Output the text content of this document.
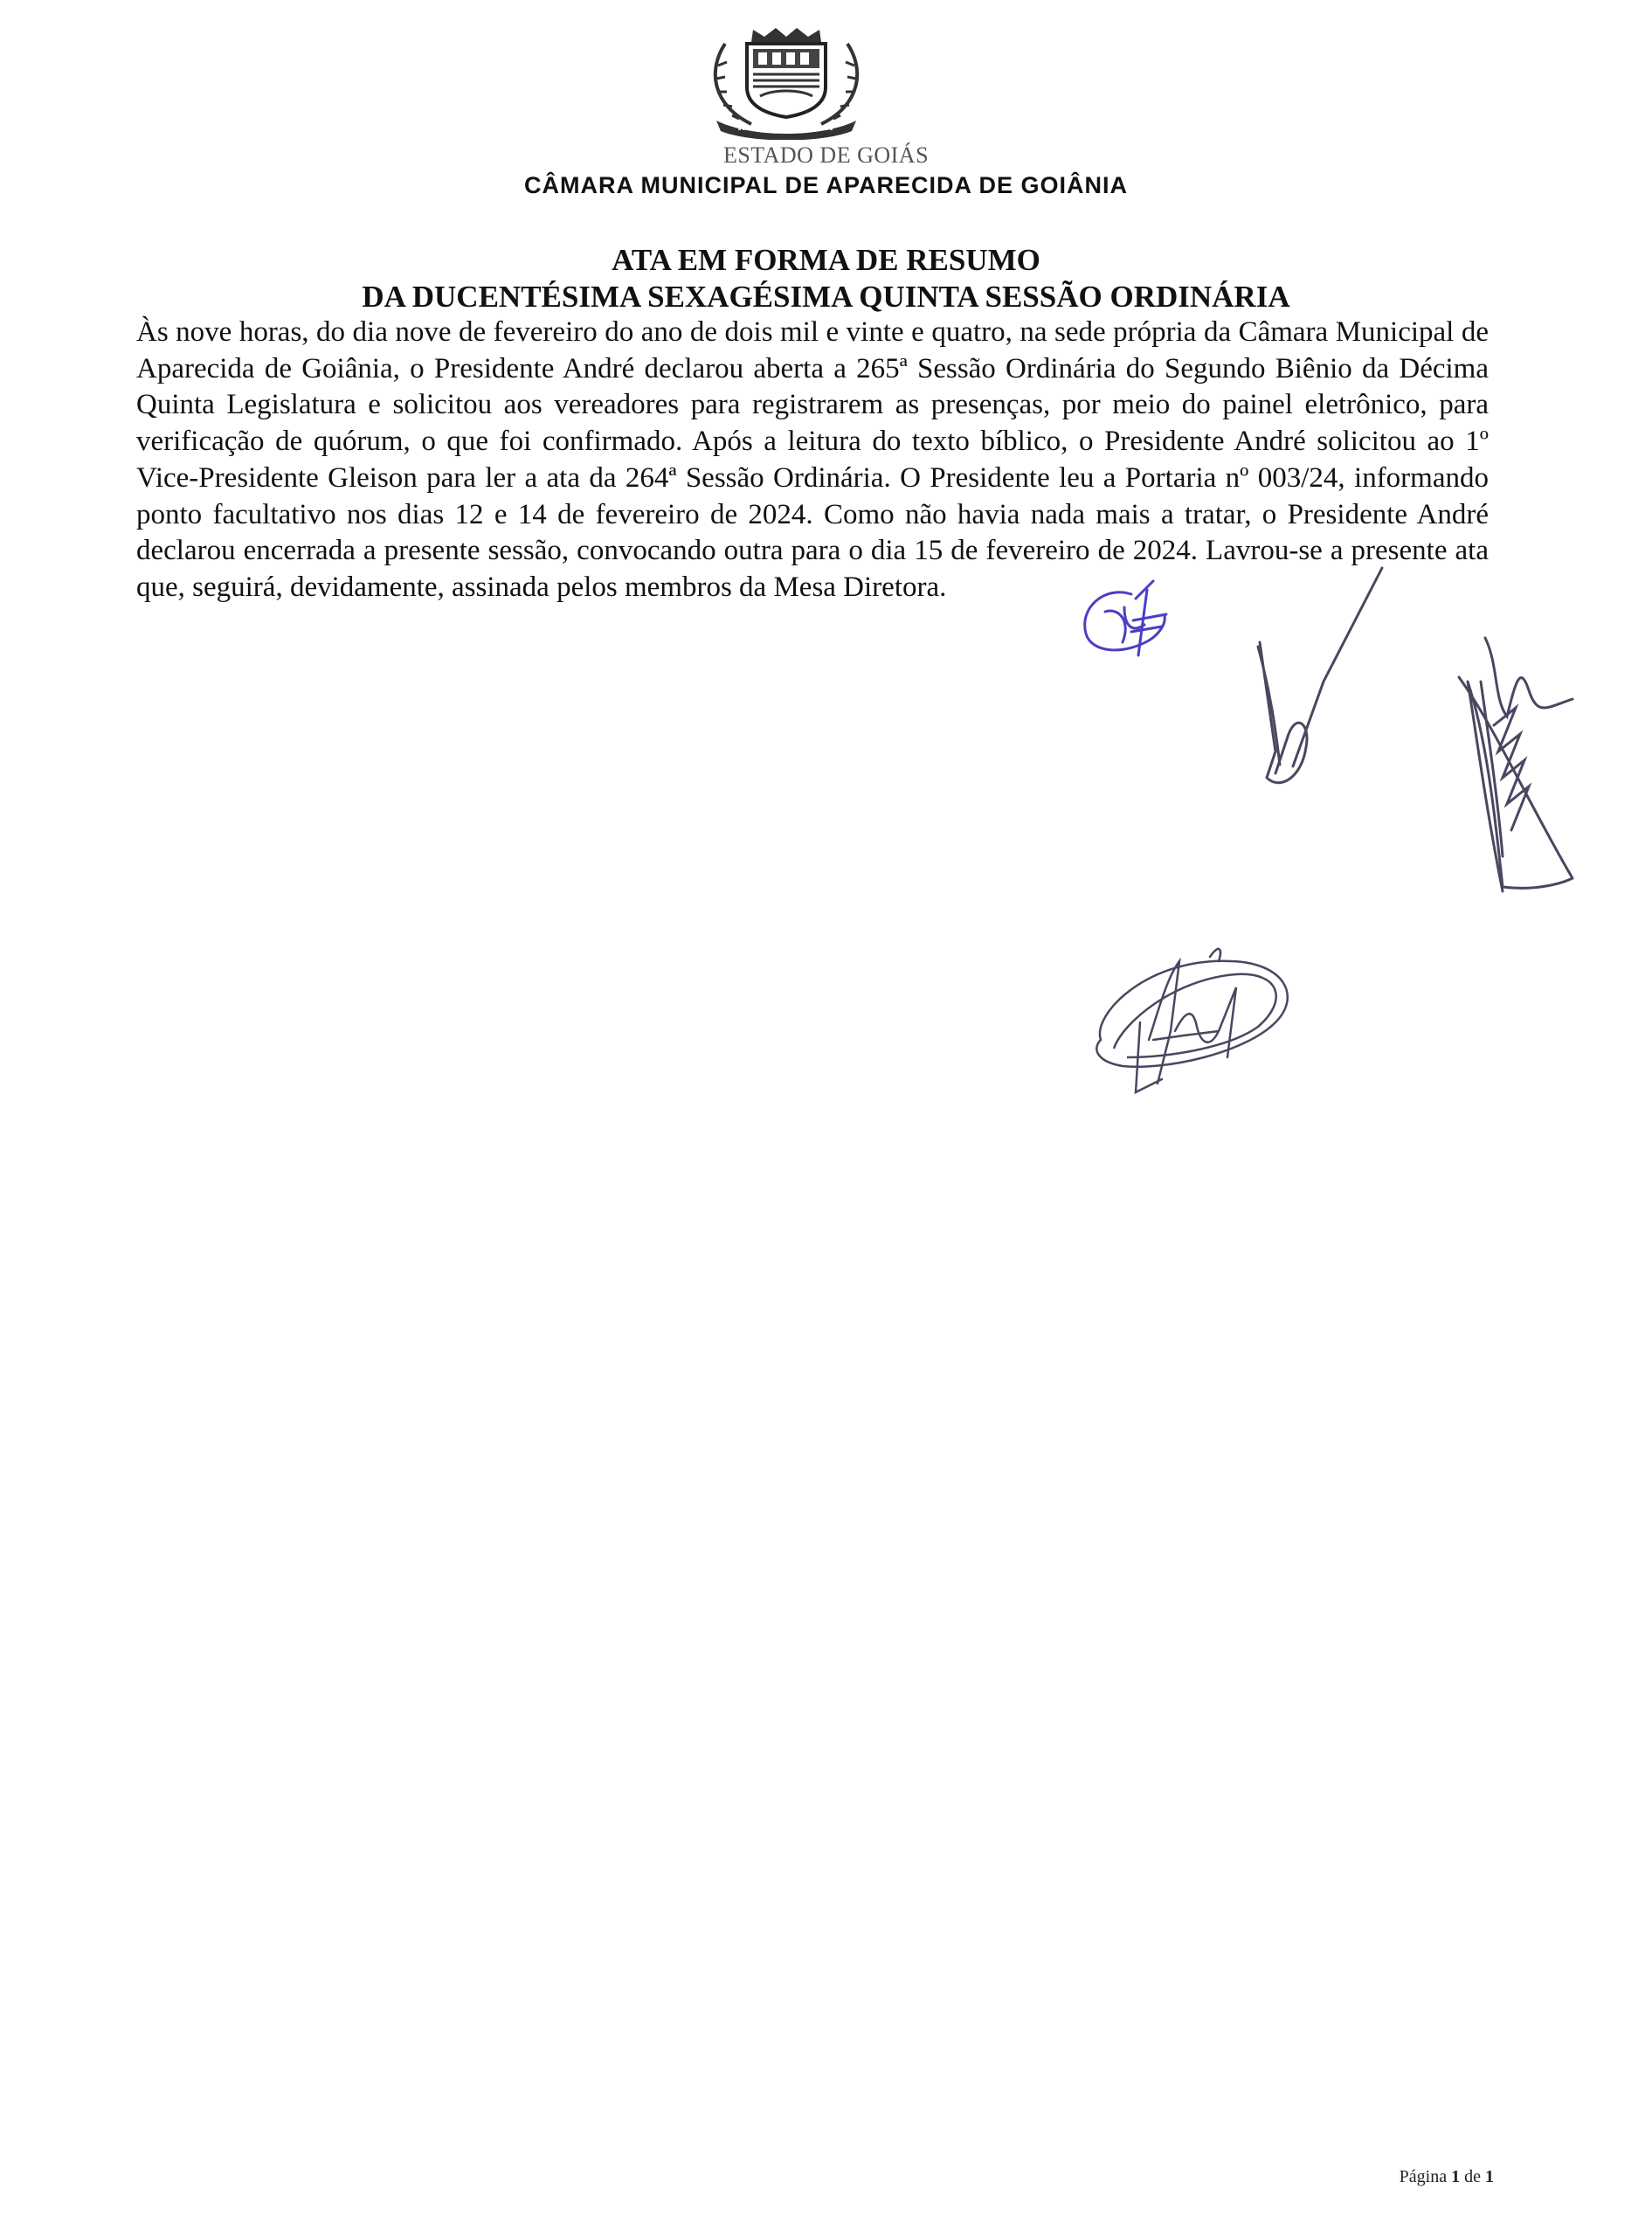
ESTADO DE GOIÁS
CÂMARA MUNICIPAL DE APARECIDA DE GOIÂNIA
ATA EM FORMA DE RESUMO
DA DUCENTÉSIMA SEXAGÉSIMA QUINTA SESSÃO ORDINÁRIA

Às nove horas, do dia nove de fevereiro do ano de dois mil e vinte e quatro, na sede própria da Câmara Municipal de Aparecida de Goiânia, o Presidente André declarou aberta a 265ª Sessão Ordinária do Segundo Biênio da Décima Quinta Legislatura e solicitou aos vereadores para registrarem as presenças, por meio do painel eletrônico, para verificação de quórum, o que foi confirmado. Após a leitura do texto bíblico, o Presidente André solicitou ao 1º Vice-Presidente Gleison para ler a ata da 264ª Sessão Ordinária. O Presidente leu a Portaria nº 003/24, informando ponto facultativo nos dias 12 e 14 de fevereiro de 2024. Como não havia nada mais a tratar, o Presidente André declarou encerrada a presente sessão, convocando outra para o dia 15 de fevereiro de 2024. Lavrou-se a presente ata que, seguirá, devidamente, assinada pelos membros da Mesa Diretora.

Página 1 de 1
